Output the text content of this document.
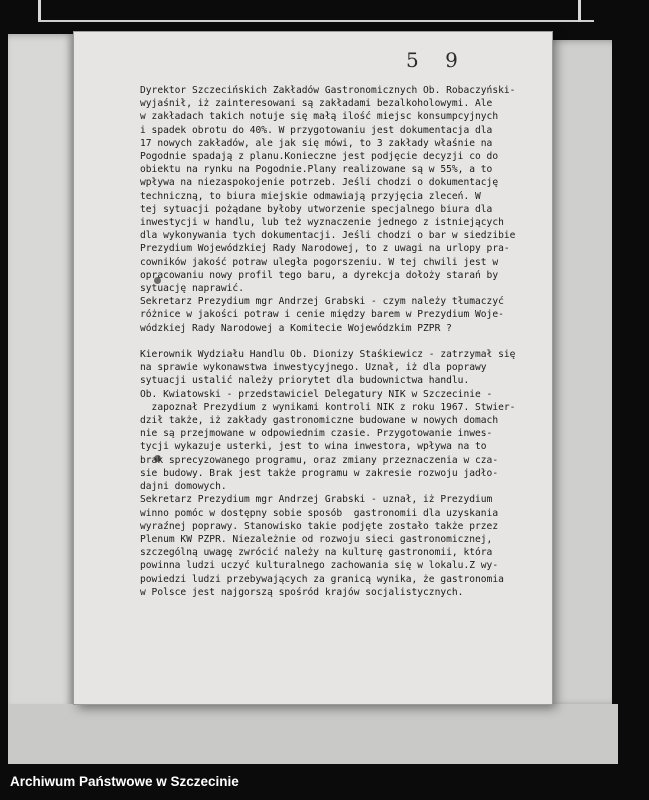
5 9
Dyrektor Szczecińskich Zakładów Gastronomicznych Ob. Robaczyński-
wyjaśnił, iż zainteresowani są zakładami bezalkoholowymi. Ale
w zakładach takich notuje się małą ilość miejsc konsumpcyjnych
i spadek obrotu do 40%. W przygotowaniu jest dokumentacja dla
17 nowych zakładów, ale jak się mówi, to 3 zakłady właśnie na
Pogodnie spadają z planu.Konieczne jest podjęcie decyzji co do
obiektu na rynku na Pogodnie.Plany realizowane są w 55%, a to
wpływa na niezaspokojenie potrzeb. Jeśli chodzi o dokumentację
techniczną, to biura miejskie odmawiają przyjęcia zleceń. W
tej sytuacji pożądane byłoby utworzenie specjalnego biura dla
inwestycji w handlu, lub też wyznaczenie jednego z istniejących
dla wykonywania tych dokumentacji. Jeśli chodzi o bar w siedzibie
Prezydium Wojewódzkiej Rady Narodowej, to z uwagi na urlopy pra-
cowników jakość potraw uległa pogorszeniu. W tej chwili jest w
opracowaniu nowy profil tego baru, a dyrekcja dołoży starań by
sytuację naprawić.
Sekretarz Prezydium mgr Andrzej Grabski - czym należy tłumaczyć
różnice w jakości potraw i cenie między barem w Prezydium Woje-
wódzkiej Rady Narodowej a Komitecie Wojewódzkim PZPR ?

Kierownik Wydziału Handlu Ob. Dionizy Staśkiewicz - zatrzymał się
na sprawie wykonawstwa inwestycyjnego. Uznał, iż dla poprawy
sytuacji ustalić należy priorytet dla budownictwa handlu.
Ob. Kwiatowski - przedstawiciel Delegatury NIK w Szczecinie -
zapoznał Prezydium z wynikami kontroli NIK z roku 1967. Stwier-
dził także, iż zakłady gastronomiczne budowane w nowych domach
nie są przejmowane w odpowiednim czasie. Przygotowanie inwes-
tycji wykazuje usterki, jest to wina inwestora, wpływa na to
brak sprecyzowanego programu, oraz zmiany przeznaczenia w cza-
sie budowy. Brak jest także programu w zakresie rozwoju jadło-
dajni domowych.
Sekretarz Prezydium mgr Andrzej Grabski - uznał, iż Prezydium
winno pomóc w dostępny sobie sposób  gastronomii dla uzyskania
wyraźnej poprawy. Stanowisko takie podjęte zostało także przez
Plenum KW PZPR. Niezależnie od rozwoju sieci gastronomicznej,
szczególną uwagę zwrócić należy na kulturę gastronomii, która
powinna ludzi uczyć kulturalnego zachowania się w lokalu.Z wy-
powiedzi ludzi przebywających za granicą wynika, że gastronomia
w Polsce jest najgorszą spośród krajów socjalistycznych.
Archiwum Państwowe w Szczecinie
